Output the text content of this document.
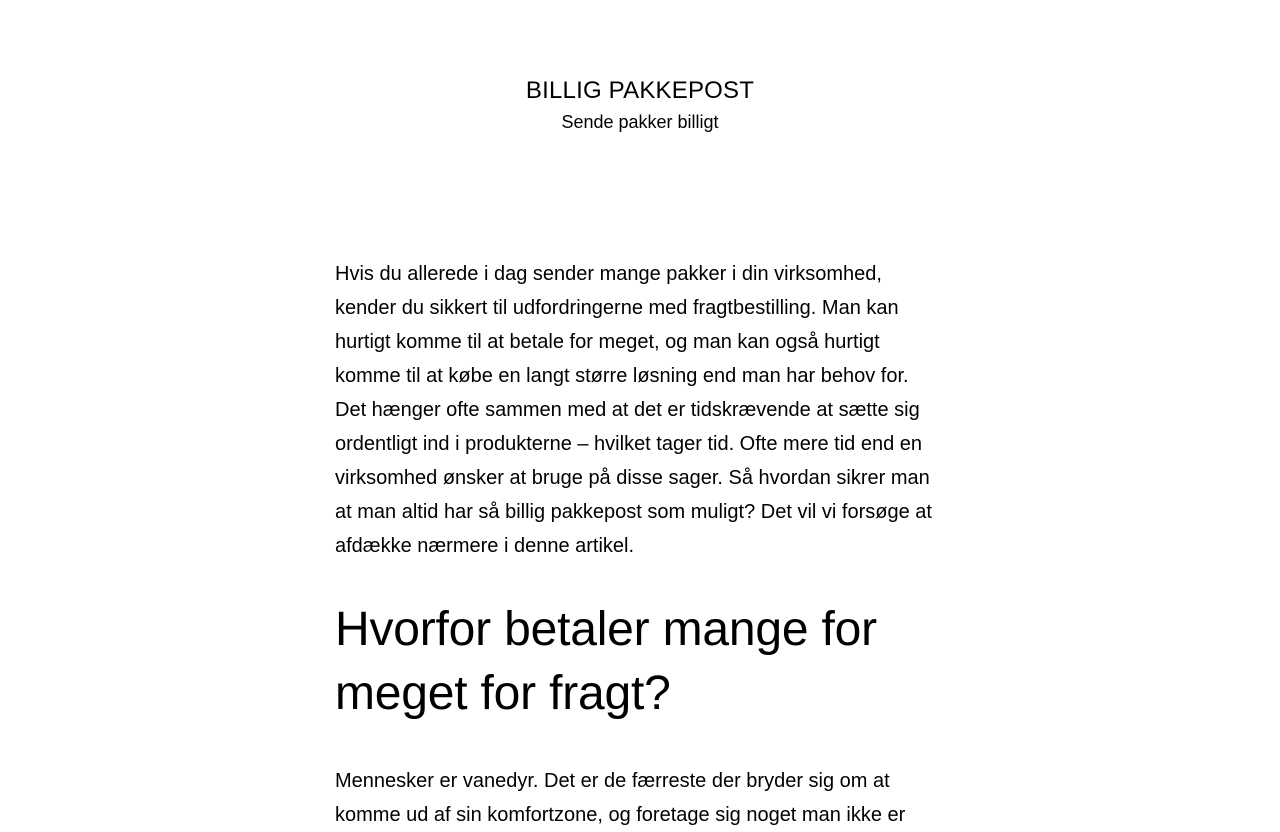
BILLIG PAKKEPOST
Sende pakker billigt

Hvis du allerede i dag sender mange pakker i din virksomhed, kender du sikkert til udfordringerne med fragtbestilling. Man kan hurtigt komme til at betale for meget, og man kan også hurtigt komme til at købe en langt større løsning end man har behov for. Det hænger ofte sammen med at det er tidskrævende at sætte sig ordentligt ind i produkterne – hvilket tager tid. Ofte mere tid end en virksomhed ønsker at bruge på disse sager. Så hvordan sikrer man at man altid har så billig pakkepost som muligt? Det vil vi forsøge at afdække nærmere i denne artikel.

Hvorfor betaler mange for meget for fragt?

Mennesker er vanedyr. Det er de færreste der bryder sig om at komme ud af sin komfortzone, og foretage sig noget man ikke er
